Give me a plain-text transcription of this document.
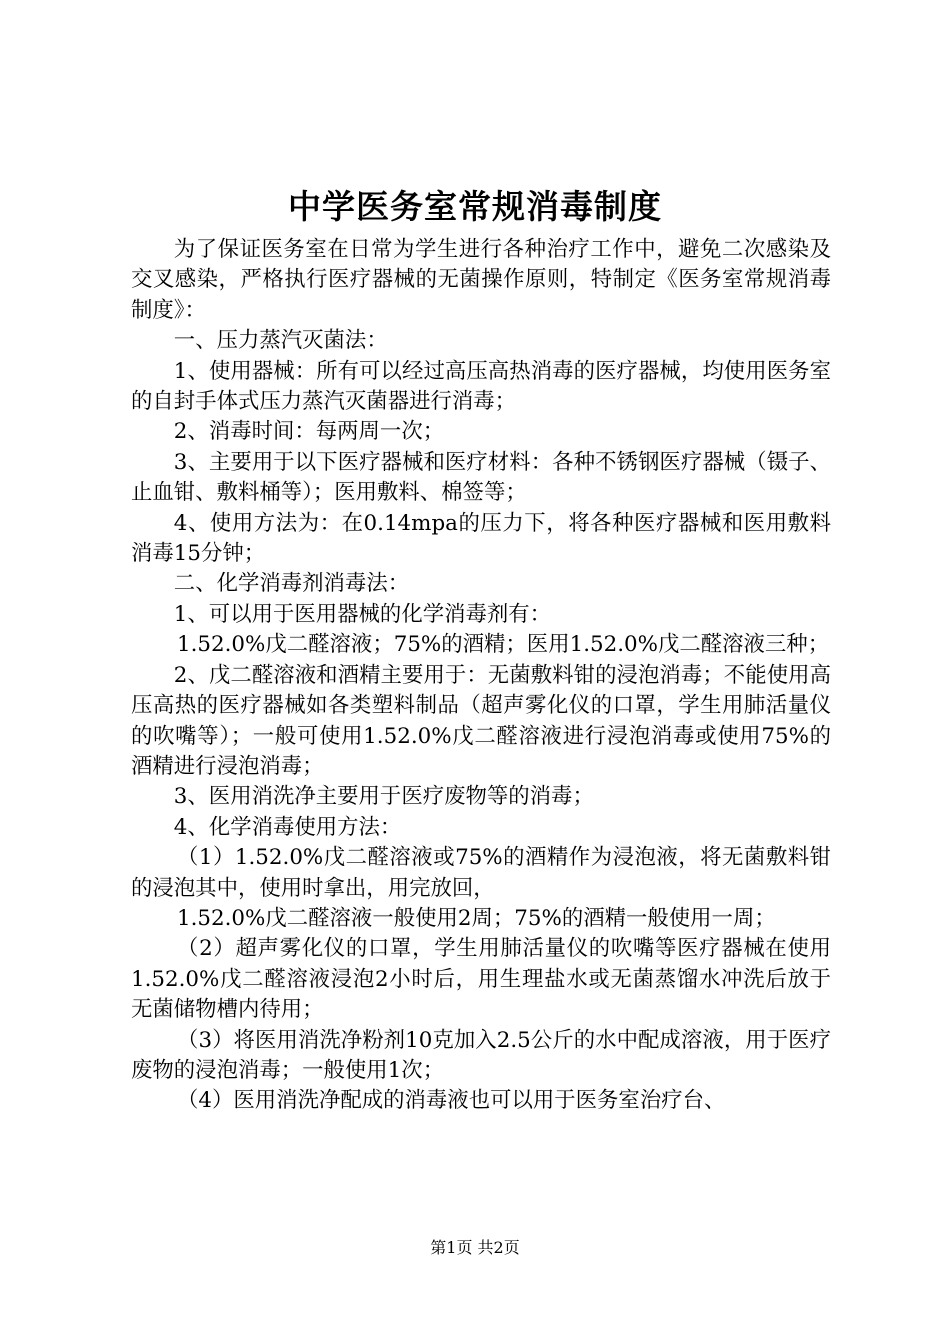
中学医务室常规消毒制度

为了保证医务室在日常为学生进行各种治疗工作中，避免二次感染及交叉感染，严格执行医疗器械的无菌操作原则，特制定《医务室常规消毒制度》：

一、压力蒸汽灭菌法：

1、使用器械：所有可以经过高压高热消毒的医疗器械，均使用医务室的自封手体式压力蒸汽灭菌器进行消毒；

2、消毒时间：每两周一次；

3、主要用于以下医疗器械和医疗材料：各种不锈钢医疗器械（镊子、止血钳、敷料桶等）；医用敷料、棉签等；

4、使用方法为：在0.14mpa的压力下，将各种医疗器械和医用敷料消毒15分钟；

二、化学消毒剂消毒法：

1、可以用于医用器械的化学消毒剂有：

1.52.0%戊二醛溶液；75%的酒精；医用1.52.0%戊二醛溶液三种；

2、戊二醛溶液和酒精主要用于：无菌敷料钳的浸泡消毒；不能使用高压高热的医疗器械如各类塑料制品（超声雾化仪的口罩，学生用肺活量仪的吹嘴等）；一般可使用1.52.0%戊二醛溶液进行浸泡消毒或使用75%的酒精进行浸泡消毒；

3、医用消洗净主要用于医疗废物等的消毒；

4、化学消毒使用方法：

（1）1.52.0%戊二醛溶液或75%的酒精作为浸泡液，将无菌敷料钳的浸泡其中，使用时拿出，用完放回，

1.52.0%戊二醛溶液一般使用2周；75%的酒精一般使用一周；

（2）超声雾化仪的口罩，学生用肺活量仪的吹嘴等医疗器械在使用1.52.0%戊二醛溶液浸泡2小时后，用生理盐水或无菌蒸馏水冲洗后放于无菌储物槽内待用；

（3）将医用消洗净粉剂10克加入2.5公斤的水中配成溶液，用于医疗废物的浸泡消毒；一般使用1次；

（4）医用消洗净配成的消毒液也可以用于医务室治疗台、

第1页 共2页
